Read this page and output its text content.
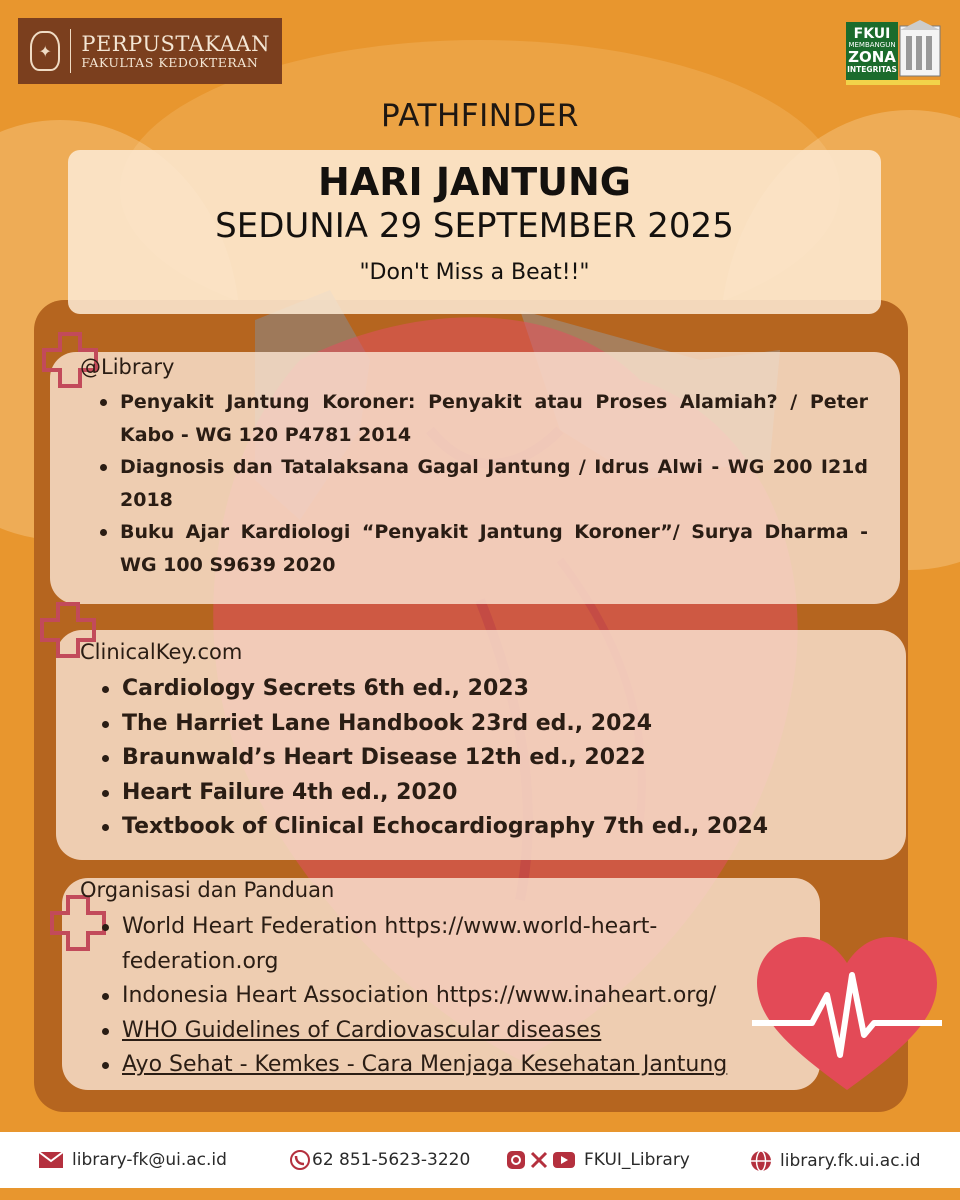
✦	PERPUSTAKAAN
FAKULTAS KEDOKTERAN
FKUI
MEMBANGUN
ZONA
INTEGRITAS
PATHFINDER
HARI JANTUNG
SEDUNIA 29 SEPTEMBER 2025
"Don't Miss a Beat!!"
@Library
Penyakit Jantung Koroner: Penyakit atau Proses Alamiah? / Peter Kabo - WG 120 P4781 2014
Diagnosis dan Tatalaksana Gagal Jantung / Idrus Alwi - WG 200 I21d 2018
Buku Ajar Kardiologi “Penyakit Jantung Koroner”/ Surya Dharma - WG 100 S9639 2020
ClinicalKey.com
Cardiology Secrets 6th ed., 2023
The Harriet Lane Handbook 23rd ed., 2024
Braunwald’s Heart Disease 12th ed., 2022
Heart Failure 4th ed., 2020
Textbook of Clinical Echocardiography 7th ed., 2024
Organisasi dan Panduan
World Heart Federation https://www.world-heart-federation.org
Indonesia Heart Association https://www.inaheart.org/
WHO Guidelines of Cardiovascular diseases
Ayo Sehat - Kemkes - Cara Menjaga Kesehatan Jantung
library-fk@ui.ac.id	62 851-5623-3220	FKUI_Library	library.fk.ui.ac.id
